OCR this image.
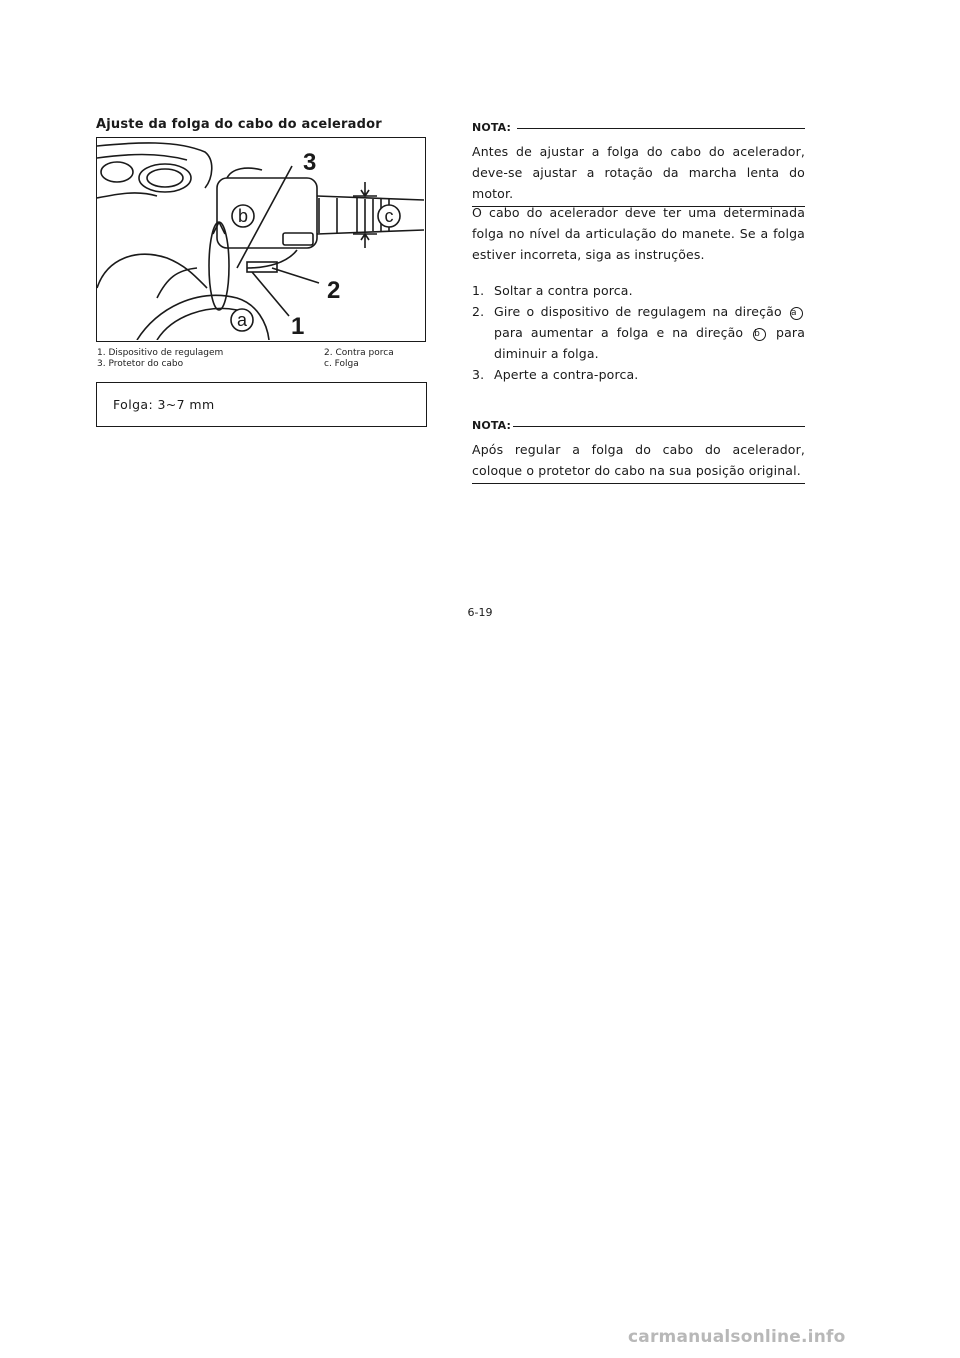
Ajuste da folga do cabo do acelerador
3
2
1
b
a
c
1. Dispositivo de regulagem	2. Contra porca
3. Protetor do cabo	c. Folga
Folga: 3~7 mm
NOTA:
Antes de ajustar a folga do cabo do acelerador, deve-se ajustar a rotação da marcha lenta do motor.
O cabo do acelerador deve ter uma determinada folga no nível da articulação do manete. Se a folga estiver incorreta, siga as instruções.
1. Soltar a contra porca.
2. Gire o dispositivo de regulagem na direção a para aumentar a folga e na direção b para diminuir a folga.
3. Aperte a contra-porca.
NOTA:
Após regular a folga do cabo do acelerador, coloque o protetor do cabo na sua posição original.
6-19
carmanualsonline.info
